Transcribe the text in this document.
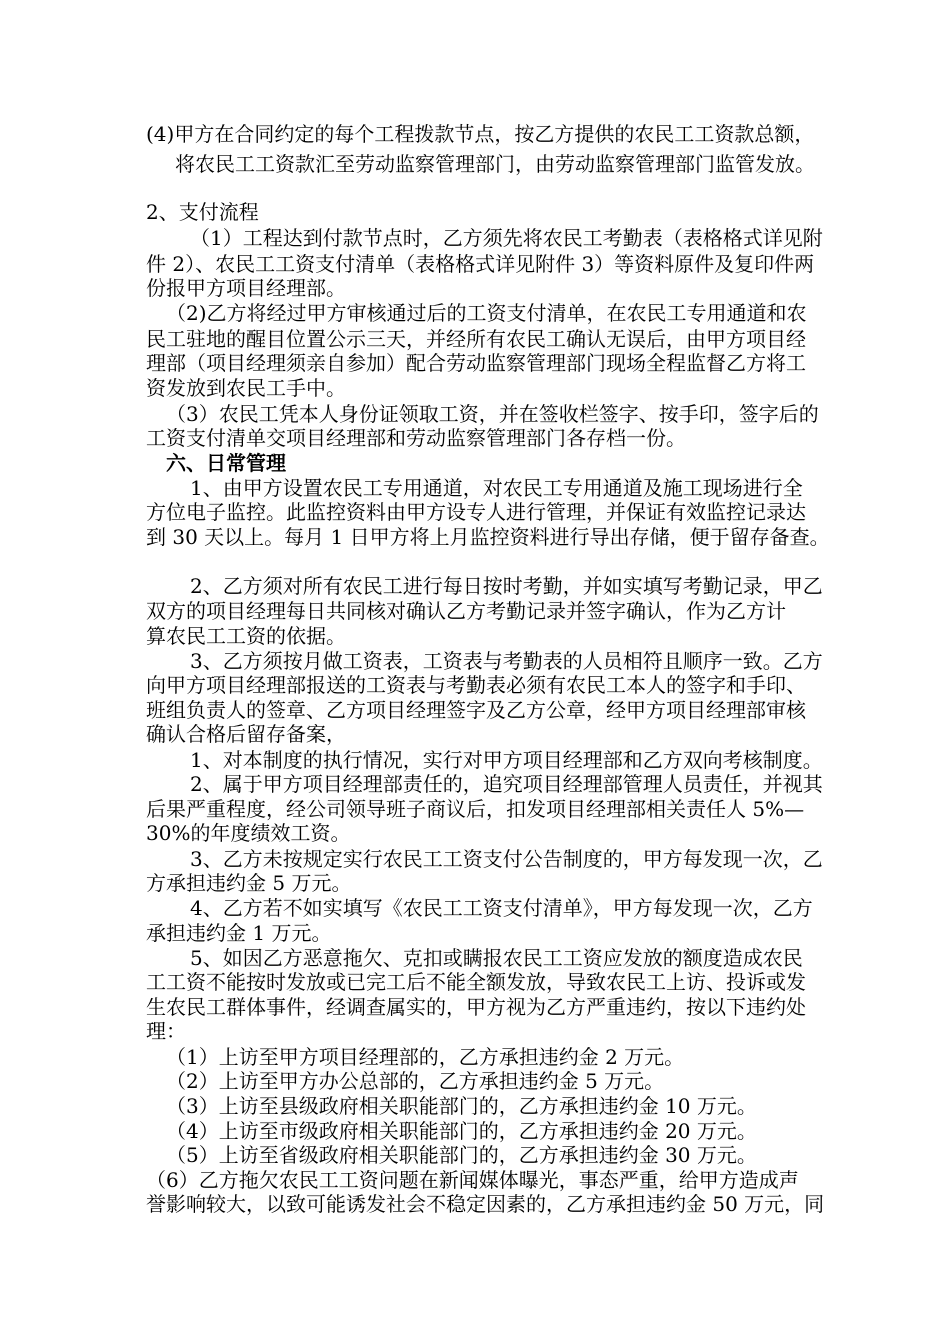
(4)甲方在合同约定的每个工程拨款节点，按乙方提供的农民工工资款总额，
将农民工工资款汇至劳动监察管理部门，由劳动监察管理部门监管发放。
2、支付流程
（1）工程达到付款节点时，乙方须先将农民工考勤表（表格格式详见附
件 2）、农民工工资支付清单（表格格式详见附件 3）等资料原件及复印件两
份报甲方项目经理部。
（2)乙方将经过甲方审核通过后的工资支付清单，在农民工专用通道和农
民工驻地的醒目位置公示三天，并经所有农民工确认无误后，由甲方项目经
理部（项目经理须亲自参加）配合劳动监察管理部门现场全程监督乙方将工
资发放到农民工手中。
（3）农民工凭本人身份证领取工资，并在签收栏签字、按手印，签字后的
工资支付清单交项目经理部和劳动监察管理部门各存档一份。
六、日常管理
1、由甲方设置农民工专用通道，对农民工专用通道及施工现场进行全
方位电子监控。此监控资料由甲方设专人进行管理，并保证有效监控记录达
到 30 天以上。每月 1 日甲方将上月监控资料进行导出存储，便于留存备查。
2、乙方须对所有农民工进行每日按时考勤，并如实填写考勤记录，甲乙
双方的项目经理每日共同核对确认乙方考勤记录并签字确认，作为乙方计
算农民工工资的依据。
3、乙方须按月做工资表，工资表与考勤表的人员相符且顺序一致。乙方
向甲方项目经理部报送的工资表与考勤表必须有农民工本人的签字和手印、
班组负责人的签章、乙方项目经理签字及乙方公章，经甲方项目经理部审核
确认合格后留存备案，
1、对本制度的执行情况，实行对甲方项目经理部和乙方双向考核制度。
2、属于甲方项目经理部责任的，追究项目经理部管理人员责任，并视其
后果严重程度，经公司领导班子商议后，扣发项目经理部相关责任人 5%—
30%的年度绩效工资。
3、乙方未按规定实行农民工工资支付公告制度的，甲方每发现一次，乙
方承担违约金 5 万元。
4、乙方若不如实填写《农民工工资支付清单》，甲方每发现一次，乙方
承担违约金 1 万元。
5、如因乙方恶意拖欠、克扣或瞒报农民工工资应发放的额度造成农民
工工资不能按时发放或已完工后不能全额发放，导致农民工上访、投诉或发
生农民工群体事件，经调查属实的，甲方视为乙方严重违约，按以下违约处
理：
（1）上访至甲方项目经理部的，乙方承担违约金 2 万元。
（2）上访至甲方办公总部的，乙方承担违约金 5 万元。
（3）上访至县级政府相关职能部门的，乙方承担违约金 10 万元。
（4）上访至市级政府相关职能部门的，乙方承担违约金 20 万元。
（5）上访至省级政府相关职能部门的，乙方承担违约金 30 万元。
（6）乙方拖欠农民工工资问题在新闻媒体曝光，事态严重，给甲方造成声
誉影响较大，以致可能诱发社会不稳定因素的，乙方承担违约金 50 万元，同
